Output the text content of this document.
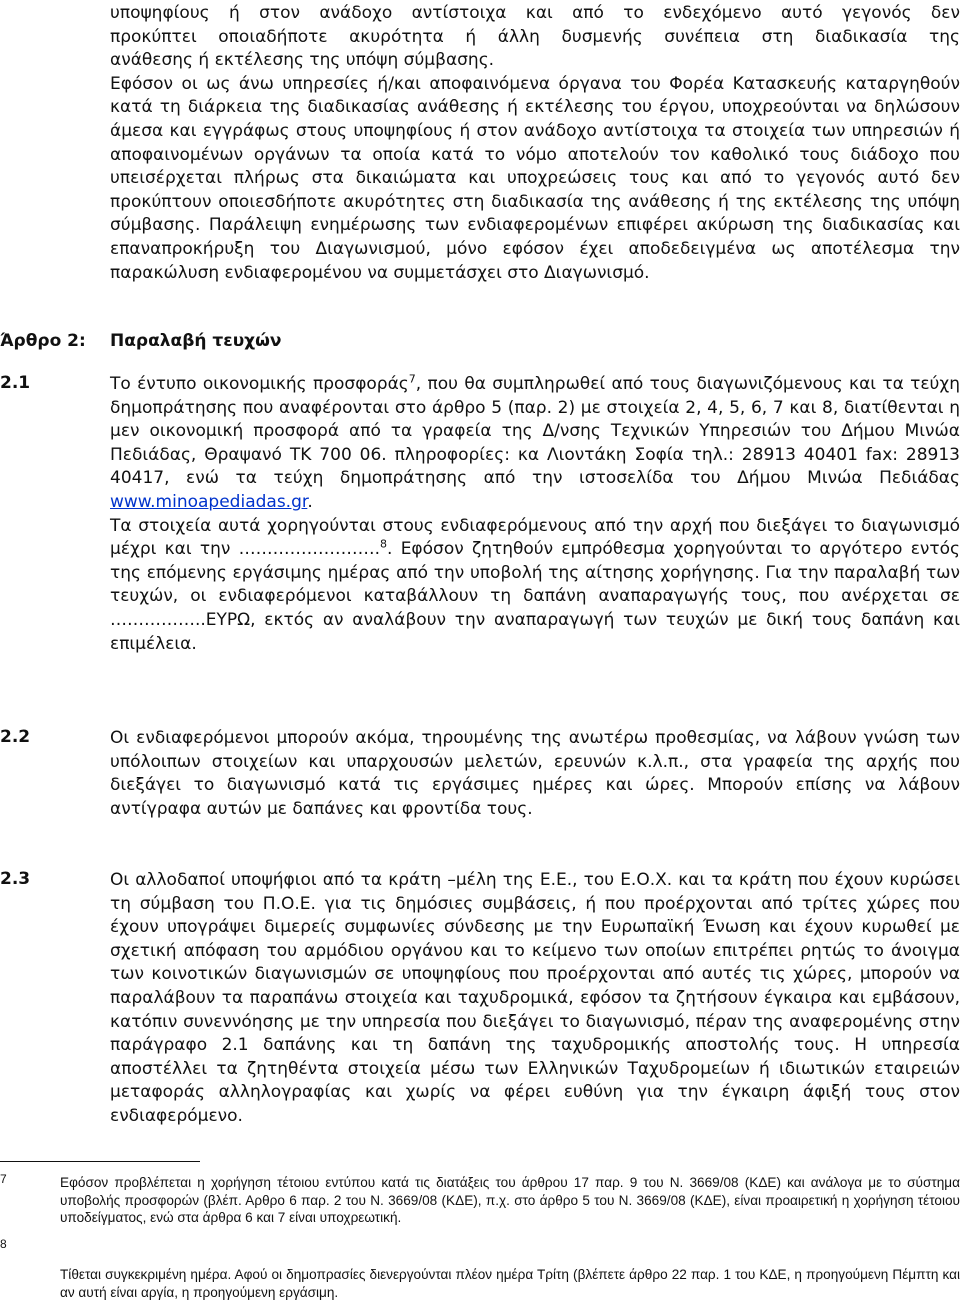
υποψηφίους ή στον ανάδοχο αντίστοιχα και από το ενδεχόμενο αυτό γεγονός δεν

προκύπτει οποιαδήποτε ακυρότητα ή άλλη δυσμενής συνέπεια στη διαδικασία της

ανάθεσης ή εκτέλεσης της υπόψη σύμβασης.

Εφόσον οι ως άνω υπηρεσίες ή/και αποφαινόμενα όργανα του Φορέα Κατασκευής καταργηθούν κατά τη διάρκεια της διαδικασίας ανάθεσης ή εκτέλεσης του έργου, υποχρεούνται να δηλώσουν άμεσα και εγγράφως στους υποψηφίους ή στον ανάδοχο αντίστοιχα τα στοιχεία των υπηρεσιών ή αποφαινομένων οργάνων τα οποία κατά το νόμο αποτελούν τον καθολικό τους διάδοχο που υπεισέρχεται πλήρως στα δικαιώματα και υποχρεώσεις τους και από το γεγονός αυτό δεν προκύπτουν οποιεσδήποτε ακυρότητες στη διαδικασία της ανάθεσης ή της εκτέλεσης της υπόψη σύμβασης. Παράλειψη ενημέρωσης των ενδιαφερομένων επιφέρει ακύρωση της διαδικασίας και επαναπροκήρυξη του Διαγωνισμού, μόνο εφόσον έχει αποδεδειγμένα ως αποτέλεσμα την παρακώλυση ενδιαφερομένου να συμμετάσχει στο Διαγωνισμό.

Άρθρο 2: Παραλαβή τευχών
2.1	Το έντυπο οικονομικής προσφοράς$^7$, που θα συμπληρωθεί από τους διαγωνιζόμενους και τα τεύχη δημοπράτησης που αναφέρονται στο άρθρο 5 (παρ. 2) με στοιχεία 2, 4, 5, 6, 7 και 8, διατίθενται η μεν οικονομική προσφορά από τα γραφεία της Δ/νσης Τεχνικών Υπηρεσιών του Δήμου Μινώα Πεδιάδας, Θραψανό ΤΚ 700 06. πληροφορίες: κα Λιοντάκη Σοφία τηλ.: 28913 40401 fax: 28913 40417, ενώ τα τεύχη δημοπράτησης από την ιστοσελίδα του Δήμου Μινώα Πεδιάδας www.minoapediadas.gr.

Τα στοιχεία αυτά χορηγούνται στους ενδιαφερόμενους από την αρχή που διεξάγει το διαγωνισμό μέχρι και την …………………….$^8$. Εφόσον ζητηθούν εμπρόθεσμα χορηγούνται το αργότερο εντός της επόμενης εργάσιμης ημέρας από την υποβολή της αίτησης χορήγησης. Για την παραλαβή των τευχών, οι ενδιαφερόμενοι καταβάλλουν τη δαπάνη αναπαραγωγής τους, που ανέρχεται σε ……………..ΕΥΡΩ, εκτός αν αναλάβουν την αναπαραγωγή των τευχών με δική τους δαπάνη και επιμέλεια.

2.2	Οι ενδιαφερόμενοι μπορούν ακόμα, τηρουμένης της ανωτέρω προθεσμίας, να λάβουν γνώση των υπόλοιπων στοιχείων και υπαρχουσών μελετών, ερευνών κ.λ.π., στα γραφεία της αρχής που διεξάγει το διαγωνισμό κατά τις εργάσιμες ημέρες και ώρες. Μπορούν επίσης να λάβουν αντίγραφα αυτών με δαπάνες και φροντίδα τους.

2.3	Οι αλλοδαποί υποψήφιοι από τα κράτη –μέλη της Ε.Ε., του Ε.Ο.Χ. και τα κράτη που έχουν κυρώσει τη σύμβαση του Π.Ο.Ε. για τις δημόσιες συμβάσεις, ή που προέρχονται από τρίτες χώρες που έχουν υπογράψει διμερείς συμφωνίες σύνδεσης με την Ευρωπαϊκή Ένωση και έχουν κυρωθεί με σχετική απόφαση του αρμόδιου οργάνου και το κείμενο των οποίων επιτρέπει ρητώς το άνοιγμα των κοινοτικών διαγωνισμών σε υποψηφίους που προέρχονται από αυτές τις χώρες, μπορούν να παραλάβουν τα παραπάνω στοιχεία και ταχυδρομικά, εφόσον τα ζητήσουν έγκαιρα και εμβάσουν, κατόπιν συνεννόησης με την υπηρεσία που διεξάγει το διαγωνισμό, πέραν της αναφερομένης στην παράγραφο 2.1 δαπάνης και τη δαπάνη της ταχυδρομικής αποστολής τους. Η υπηρεσία αποστέλλει τα ζητηθέντα στοιχεία μέσω των Ελληνικών Ταχυδρομείων ή ιδιωτικών εταιρειών μεταφοράς αλληλογραφίας και χωρίς να φέρει ευθύνη για την έγκαιρη άφιξή τους στον ενδιαφερόμενο.

7	Εφόσον προβλέπεται η χορήγηση τέτοιου εντύπου κατά τις διατάξεις του άρθρου 17 παρ. 9 του Ν. 3669/08 (ΚΔΕ) και ανάλογα με το σύστημα υποβολής προσφορών (βλέπ. Αρθρο 6 παρ. 2 του Ν. 3669/08 (ΚΔΕ), π.χ. στο άρθρο 5 του Ν. 3669/08 (ΚΔΕ), είναι προαιρετική η χορήγηση τέτοιου υποδείγματος, ενώ στα άρθρα 6 και 7 είναι υποχρεωτική.
8
Τίθεται συγκεκριμένη ημέρα. Αφού οι δημοπρασίες διενεργούνται πλέον ημέρα Τρίτη (βλέπετε άρθρο 22 παρ. 1 του ΚΔΕ, η προηγούμενη Πέμπτη και αν αυτή είναι αργία, η προηγούμενη εργάσιμη.
